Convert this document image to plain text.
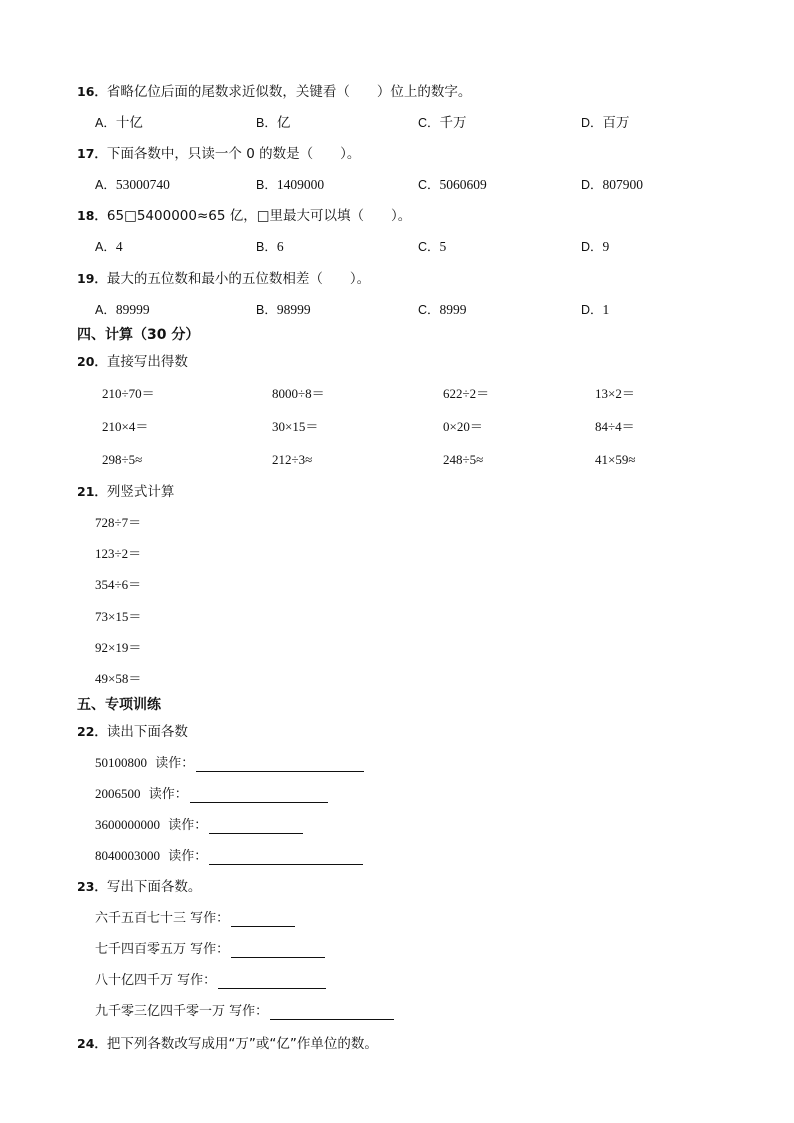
16．省略亿位后面的尾数求近似数，关键看（　　）位上的数字。
A．十亿	B．亿	C．千万	D．百万
17．下面各数中，只读一个 0 的数是（　　）。
A．53000740	B．1409000	C．5060609	D．807900
18．65□5400000≈65 亿，□里最大可以填（　　）。
A．4	B．6	C．5	D．9
19．最大的五位数和最小的五位数相差（　　）。
A．89999	B．98999	C．8999	D．1
四、计算（30 分）
20．直接写出得数
210÷70＝	8000÷8＝	622÷2＝	13×2＝
210×4＝	30×15＝	0×20＝	84÷4＝
298÷5≈	212÷3≈	248÷5≈	41×59≈
21．列竖式计算
728÷7＝
123÷2＝
354÷6＝
73×15＝
92×19＝
49×58＝
五、专项训练
22．读出下面各数
50100800 读作：
2006500 读作：
3600000000 读作：
8040003000 读作：
23．写出下面各数。
六千五百七十三 写作：
七千四百零五万 写作：
八十亿四千万 写作：
九千零三亿四千零一万 写作：
24．把下列各数改写成用“万”或“亿”作单位的数。
